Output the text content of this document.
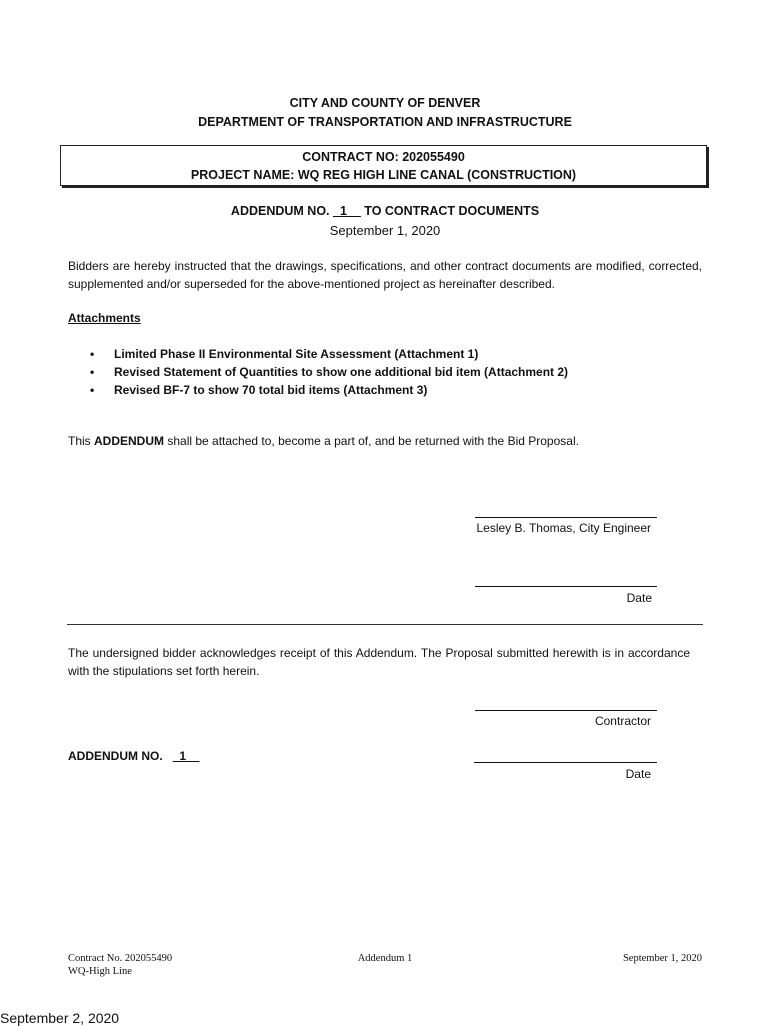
CITY AND COUNTY OF DENVER
DEPARTMENT OF TRANSPORTATION AND INFRASTRUCTURE
CONTRACT NO: 202055490
PROJECT NAME: WQ REG HIGH LINE CANAL (CONSTRUCTION)
ADDENDUM NO. _1__ TO CONTRACT DOCUMENTS
September 1, 2020
Bidders are hereby instructed that the drawings, specifications, and other contract documents are modified, corrected, supplemented and/or superseded for the above-mentioned project as hereinafter described.
Attachments
• Limited Phase II Environmental Site Assessment (Attachment 1)
• Revised Statement of Quantities to show one additional bid item (Attachment 2)
• Revised BF-7 to show 70 total bid items (Attachment 3)
This ADDENDUM shall be attached to, become a part of, and be returned with the Bid Proposal.
Lesley B. Thomas, City Engineer
Date
The undersigned bidder acknowledges receipt of this Addendum. The Proposal submitted herewith is in accordance with the stipulations set forth herein.
Contractor
ADDENDUM NO. _1__
Date
Contract No. 202055490
WQ-High Line
Addendum 1	September 1, 2020
September 2, 2020
